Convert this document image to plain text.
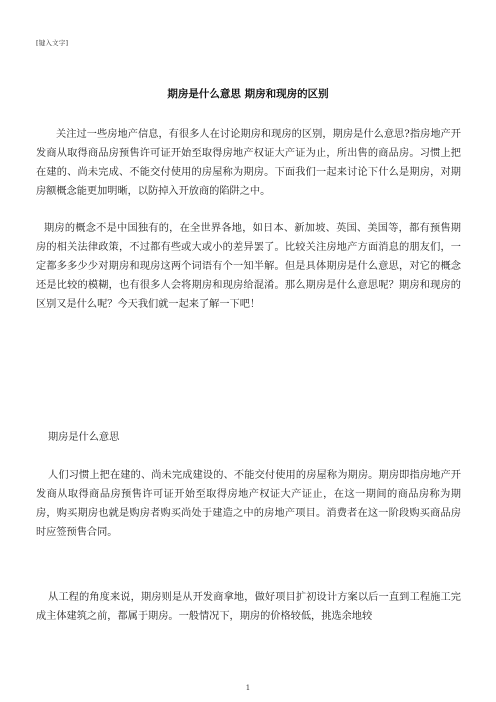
[键入文字]
期房是什么意思 期房和现房的区别

关注过一些房地产信息，有很多人在讨论期房和现房的区别，期房是什么意思?指房地产开发商从取得商品房预售许可证开始至取得房地产权证大产证为止，所出售的商品房。习惯上把在建的、尚未完成、不能交付使用的房屋称为期房。下面我们一起来讨论下什么是期房，对期房额概念能更加明晰，以防掉入开放商的陷阱之中。

期房的概念不是中国独有的，在全世界各地，如日本、新加坡、英国、美国等，都有预售期房的相关法律政策，不过都有些或大或小的差异罢了。比较关注房地产方面消息的朋友们，一定都多多少少对期房和现房这两个词语有个一知半解。但是具体期房是什么意思，对它的概念还是比较的模糊，也有很多人会将期房和现房给混淆。那么期房是什么意思呢？期房和现房的区别又是什么呢？今天我们就一起来了解一下吧！

期房是什么意思

人们习惯上把在建的、尚未完成建设的、不能交付使用的房屋称为期房。期房即指房地产开发商从取得商品房预售许可证开始至取得房地产权证大产证止，在这一期间的商品房称为期房，购买期房也就是购房者购买尚处于建造之中的房地产项目。消费者在这一阶段购买商品房时应签预售合同。

从工程的角度来说，期房则是从开发商拿地，做好项目扩初设计方案以后一直到工程施工完成主体建筑之前，都属于期房。一般情况下，期房的价格较低，挑选余地较

1
